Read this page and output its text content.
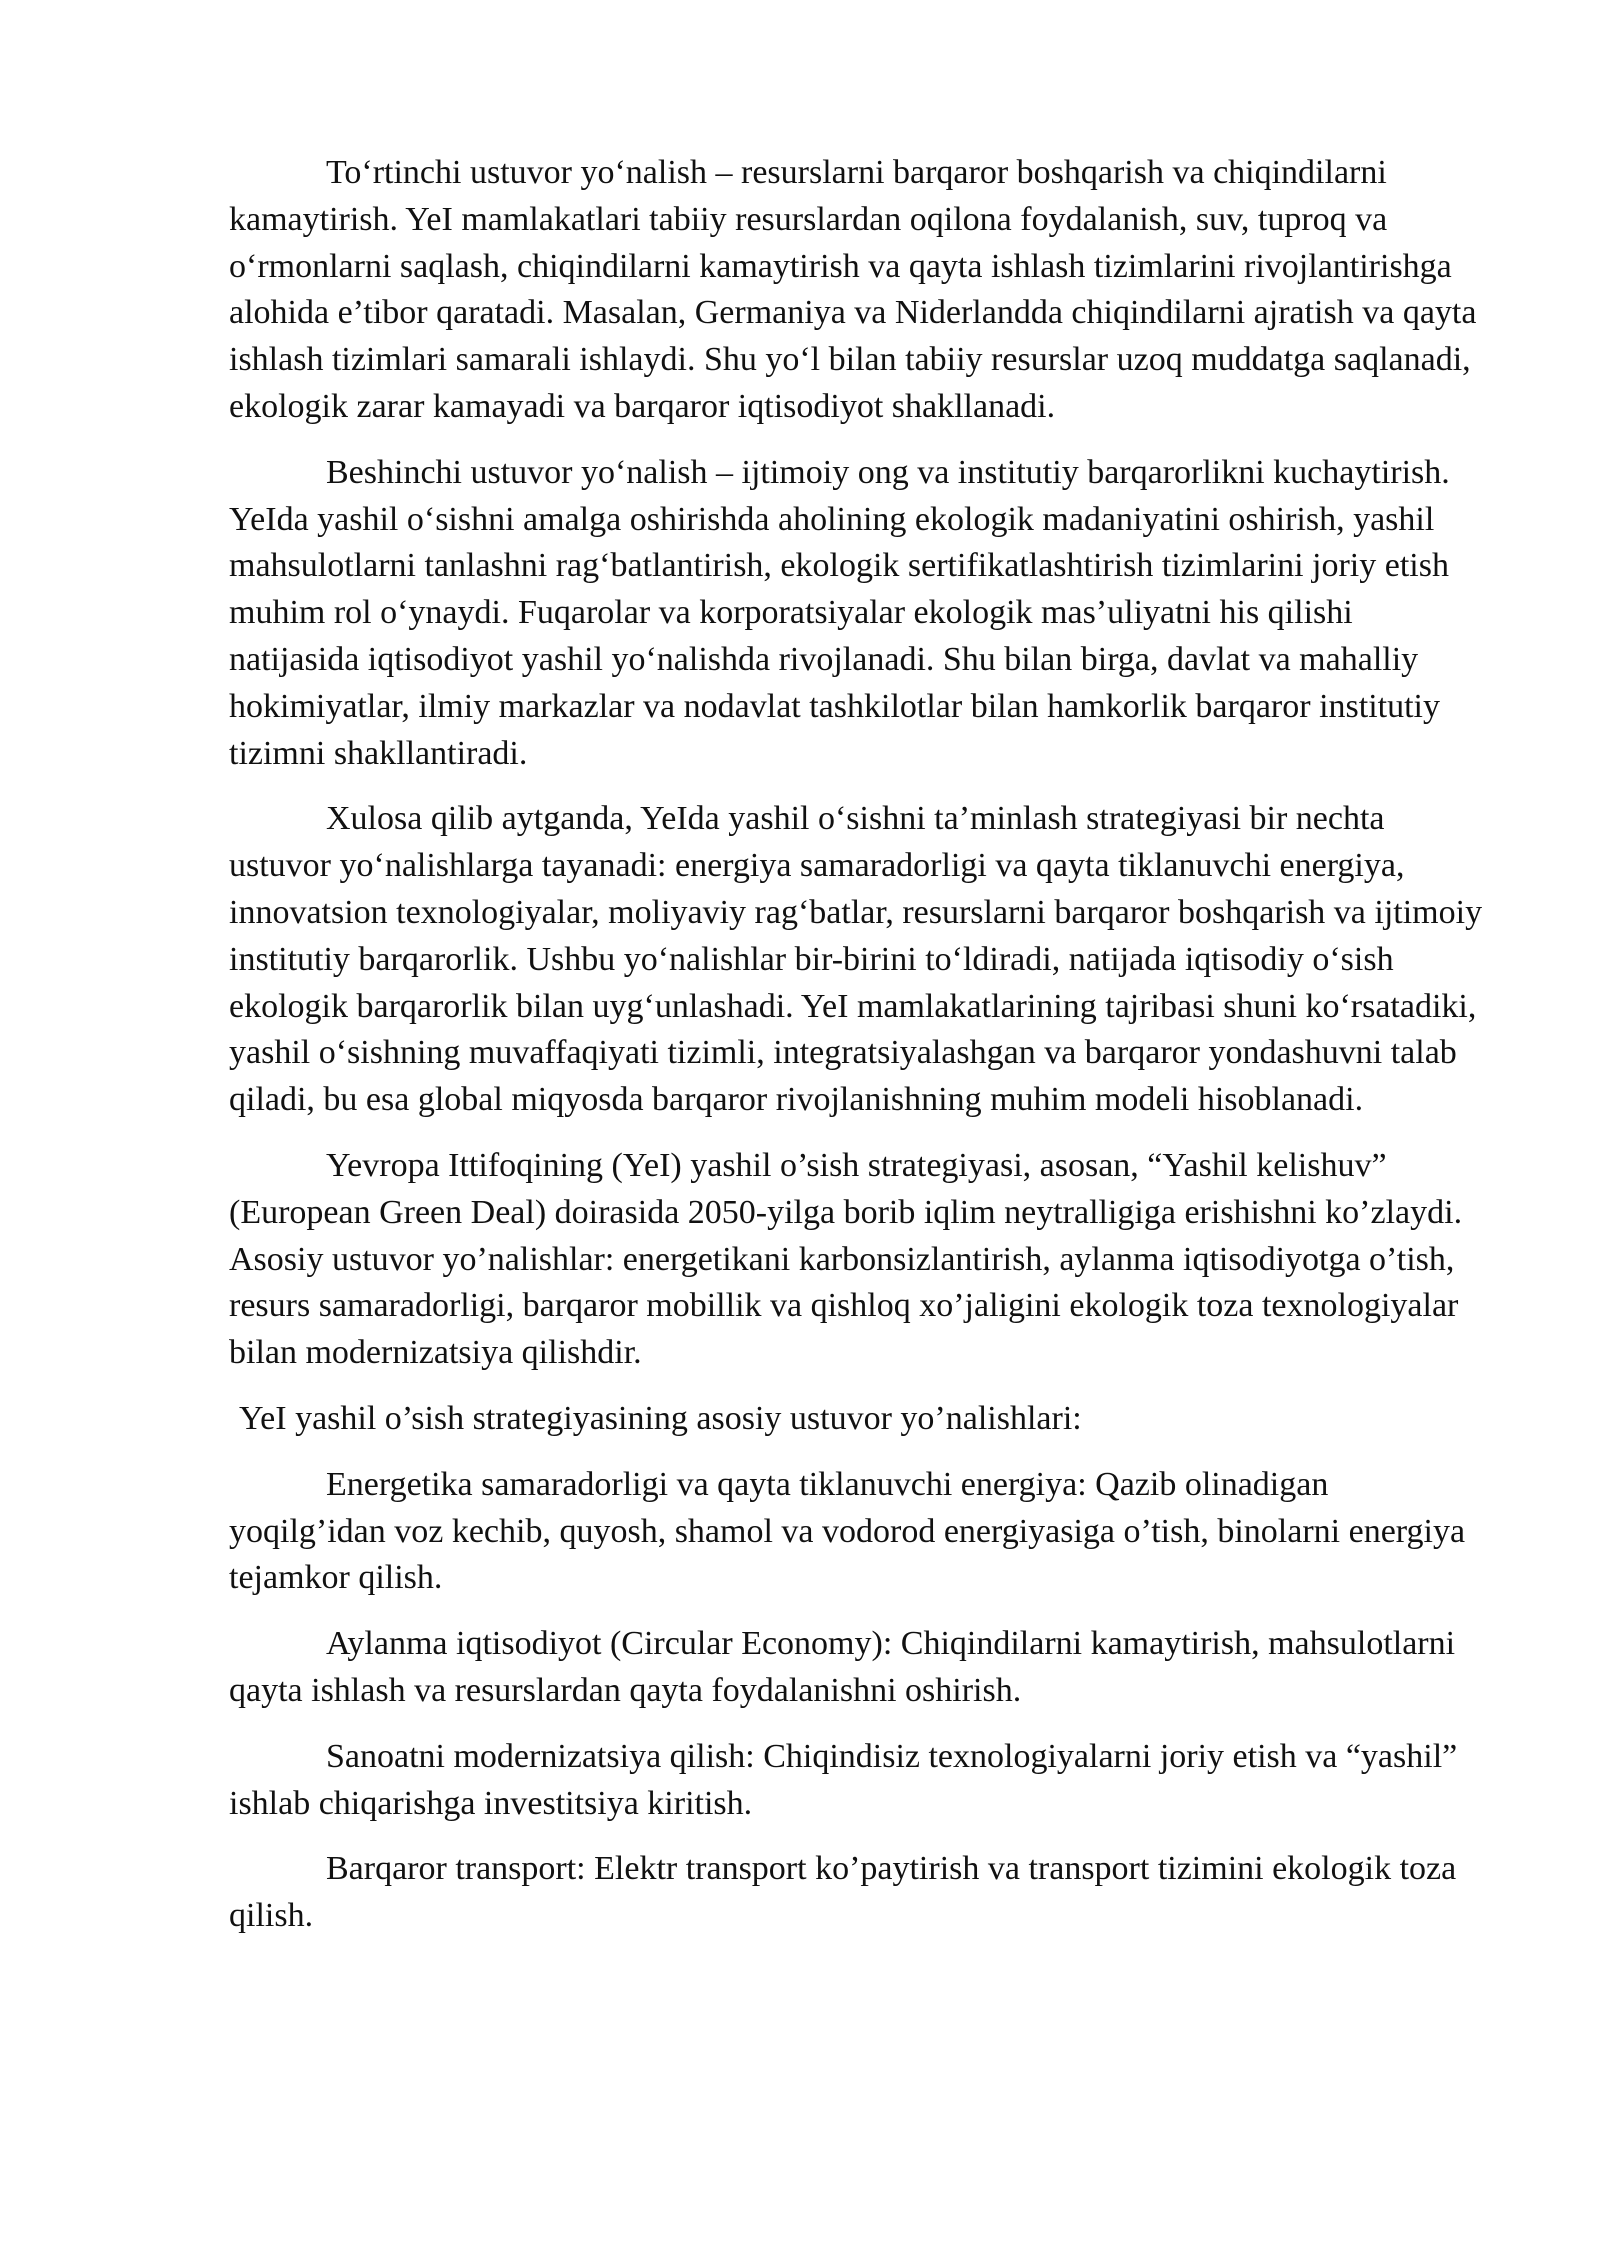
To‘rtinchi ustuvor yo‘nalish – resurslarni barqaror boshqarish va chiqindilarni kamaytirish. YeI mamlakatlari tabiiy resurslardan oqilona foydalanish, suv, tuproq va o‘rmonlarni saqlash, chiqindilarni kamaytirish va qayta ishlash tizimlarini rivojlantirishga alohida e’tibor qaratadi. Masalan, Germaniya va Niderlandda chiqindilarni ajratish va qayta ishlash tizimlari samarali ishlaydi. Shu yo‘l bilan tabiiy resurslar uzoq muddatga saqlanadi, ekologik zarar kamayadi va barqaror iqtisodiyot shakllanadi.

Beshinchi ustuvor yo‘nalish – ijtimoiy ong va institutiy barqarorlikni kuchaytirish. YeIda yashil o‘sishni amalga oshirishda aholining ekologik madaniyatini oshirish, yashil mahsulotlarni tanlashni rag‘batlantirish, ekologik sertifikatlashtirish tizimlarini joriy etish muhim rol o‘ynaydi. Fuqarolar va korporatsiyalar ekologik mas’uliyatni his qilishi natijasida iqtisodiyot yashil yo‘nalishda rivojlanadi. Shu bilan birga, davlat va mahalliy hokimiyatlar, ilmiy markazlar va nodavlat tashkilotlar bilan hamkorlik barqaror institutiy tizimni shakllantiradi.

Xulosa qilib aytganda, YeIda yashil o‘sishni ta’minlash strategiyasi bir nechta ustuvor yo‘nalishlarga tayanadi: energiya samaradorligi va qayta tiklanuvchi energiya, innovatsion texnologiyalar, moliyaviy rag‘batlar, resurslarni barqaror boshqarish va ijtimoiy institutiy barqarorlik. Ushbu yo‘nalishlar bir-birini to‘ldiradi, natijada iqtisodiy o‘sish ekologik barqarorlik bilan uyg‘unlashadi. YeI mamlakatlarining tajribasi shuni ko‘rsatadiki, yashil o‘sishning muvaffaqiyati tizimli, integratsiyalashgan va barqaror yondashuvni talab qiladi, bu esa global miqyosda barqaror rivojlanishning muhim modeli hisoblanadi.

Yevropa Ittifoqining (YeI) yashil o’sish strategiyasi, asosan, “Yashil kelishuv” (European Green Deal) doirasida 2050-yilga borib iqlim neytralligiga erishishni ko’zlaydi. Asosiy ustuvor yo’nalishlar: energetikani karbonsizlantirish, aylanma iqtisodiyotga o’tish, resurs samaradorligi, barqaror mobillik va qishloq xo’jaligini ekologik toza texnologiyalar bilan modernizatsiya qilishdir.

YeI yashil o’sish strategiyasining asosiy ustuvor yo’nalishlari:

Energetika samaradorligi va qayta tiklanuvchi energiya: Qazib olinadigan yoqilg’idan voz kechib, quyosh, shamol va vodorod energiyasiga o’tish, binolarni energiya tejamkor qilish.

Aylanma iqtisodiyot (Circular Economy): Chiqindilarni kamaytirish, mahsulotlarni qayta ishlash va resurslardan qayta foydalanishni oshirish.

Sanoatni modernizatsiya qilish: Chiqindisiz texnologiyalarni joriy etish va “yashil” ishlab chiqarishga investitsiya kiritish.

Barqaror transport: Elektr transport ko’paytirish va transport tizimini ekologik toza qilish.
